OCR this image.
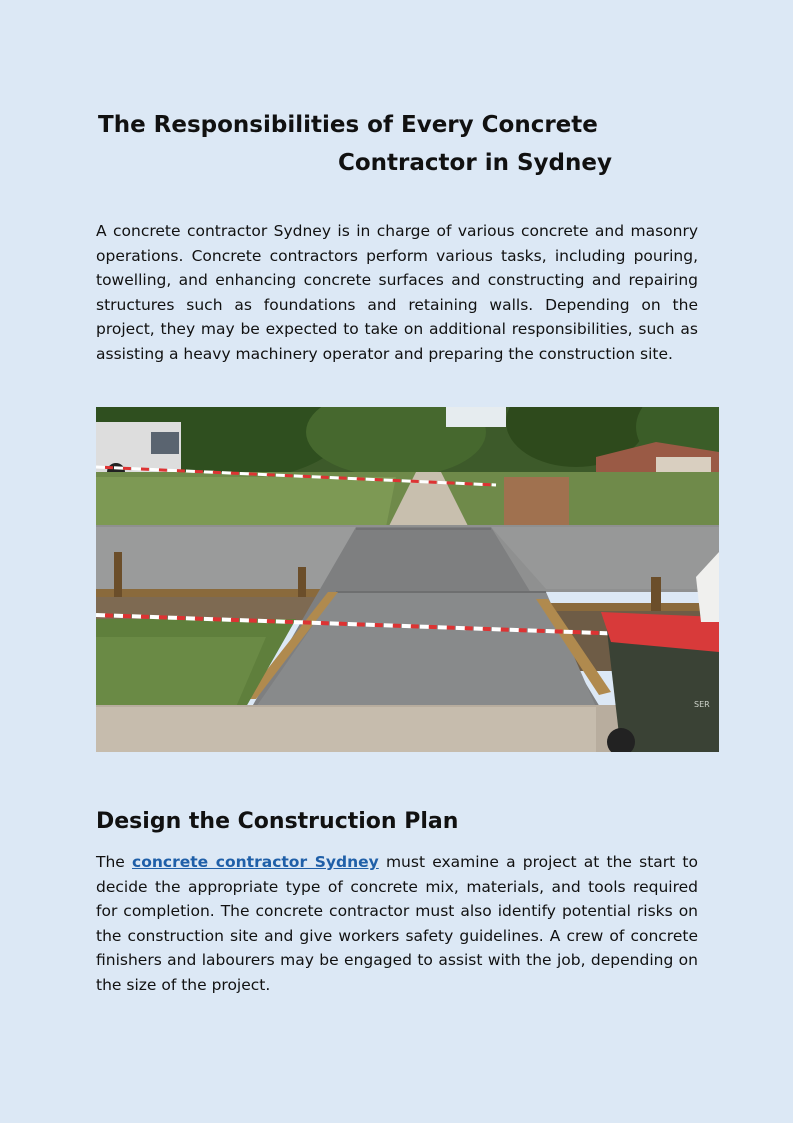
The Responsibilities of Every Concrete
Contractor in Sydney

A concrete contractor Sydney is in charge of various concrete and masonry operations. Concrete contractors perform various tasks, including pouring, towelling, and enhancing concrete surfaces and constructing and repairing structures such as foundations and retaining walls. Depending on the project, they may be expected to take on additional responsibilities, such as assisting a heavy machinery operator and preparing the construction site.

SER
Design the Construction Plan

The concrete contractor Sydney must examine a project at the start to decide the appropriate type of concrete mix, materials, and tools required for completion. The concrete contractor must also identify potential risks on the construction site and give workers safety guidelines. A crew of concrete finishers and labourers may be engaged to assist with the job, depending on the size of the project.
